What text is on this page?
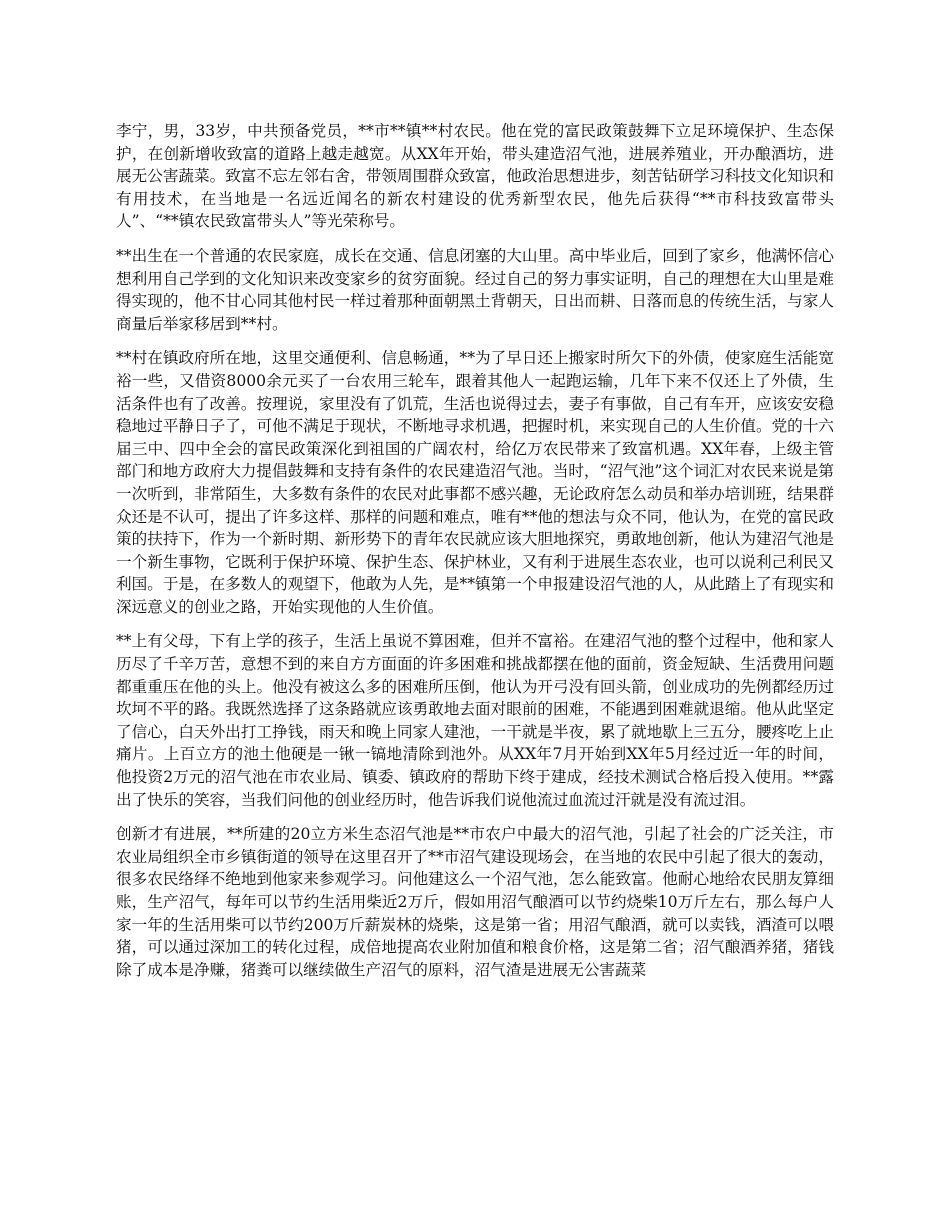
李宁，男，33岁，中共预备党员，**市**镇**村农民。他在党的富民政策鼓舞下立足环境保护、生态保护，在创新增收致富的道路上越走越宽。从XX年开始，带头建造沼气池，进展养殖业，开办酿酒坊，进展无公害蔬菜。致富不忘左邻右舍，带领周围群众致富，他政治思想进步，刻苦钻研学习科技文化知识和有用技术，在当地是一名远近闻名的新农村建设的优秀新型农民，他先后获得“**市科技致富带头人”、“**镇农民致富带头人”等光荣称号。

**出生在一个普通的农民家庭，成长在交通、信息闭塞的大山里。高中毕业后，回到了家乡，他满怀信心想利用自己学到的文化知识来改变家乡的贫穷面貌。经过自己的努力事实证明，自己的理想在大山里是难得实现的，他不甘心同其他村民一样过着那种面朝黑土背朝天，日出而耕、日落而息的传统生活，与家人商量后举家移居到**村。

**村在镇政府所在地，这里交通便利、信息畅通，**为了早日还上搬家时所欠下的外债，使家庭生活能宽裕一些，又借资8000余元买了一台农用三轮车，跟着其他人一起跑运输，几年下来不仅还上了外债，生活条件也有了改善。按理说，家里没有了饥荒，生活也说得过去，妻子有事做，自己有车开，应该安安稳稳地过平静日子了，可他不满足于现状，不断地寻求机遇，把握时机，来实现自己的人生价值。党的十六届三中、四中全会的富民政策深化到祖国的广阔农村，给亿万农民带来了致富机遇。XX年春，上级主管部门和地方政府大力提倡鼓舞和支持有条件的农民建造沼气池。当时，“沼气池”这个词汇对农民来说是第一次听到，非常陌生，大多数有条件的农民对此事都不感兴趣，无论政府怎么动员和举办培训班，结果群众还是不认可，提出了许多这样、那样的问题和难点，唯有**他的想法与众不同，他认为，在党的富民政策的扶持下，作为一个新时期、新形势下的青年农民就应该大胆地探究，勇敢地创新，他认为建沼气池是一个新生事物，它既利于保护环境、保护生态、保护林业，又有利于进展生态农业，也可以说利己利民又利国。于是，在多数人的观望下，他敢为人先，是**镇第一个申报建设沼气池的人，从此踏上了有现实和深远意义的创业之路，开始实现他的人生价值。

**上有父母，下有上学的孩子，生活上虽说不算困难，但并不富裕。在建沼气池的整个过程中，他和家人历尽了千辛万苦，意想不到的来自方方面面的许多困难和挑战都摆在他的面前，资金短缺、生活费用问题都重重压在他的头上。他没有被这么多的困难所压倒，他认为开弓没有回头箭，创业成功的先例都经历过坎坷不平的路。我既然选择了这条路就应该勇敢地去面对眼前的困难，不能遇到困难就退缩。他从此坚定了信心，白天外出打工挣钱，雨天和晚上同家人建池，一干就是半夜，累了就地歇上三五分，腰疼吃上止痛片。上百立方的池土他硬是一锹一镐地清除到池外。从XX年7月开始到XX年5月经过近一年的时间，他投资2万元的沼气池在市农业局、镇委、镇政府的帮助下终于建成，经技术测试合格后投入使用。**露出了快乐的笑容，当我们问他的创业经历时，他告诉我们说他流过血流过汗就是没有流过泪。

创新才有进展，**所建的20立方米生态沼气池是**市农户中最大的沼气池，引起了社会的广泛关注，市农业局组织全市乡镇街道的领导在这里召开了**市沼气建设现场会，在当地的农民中引起了很大的轰动，很多农民络绎不绝地到他家来参观学习。问他建这么一个沼气池，怎么能致富。他耐心地给农民朋友算细账，生产沼气，每年可以节约生活用柴近2万斤，假如用沼气酿酒可以节约烧柴10万斤左右，那么每户人家一年的生活用柴可以节约200万斤薪炭林的烧柴，这是第一省；用沼气酿酒，就可以卖钱，酒渣可以喂猪，可以通过深加工的转化过程，成倍地提高农业附加值和粮食价格，这是第二省；沼气酿酒养猪，猪钱除了成本是净赚，猪粪可以继续做生产沼气的原料，沼气渣是进展无公害蔬菜
